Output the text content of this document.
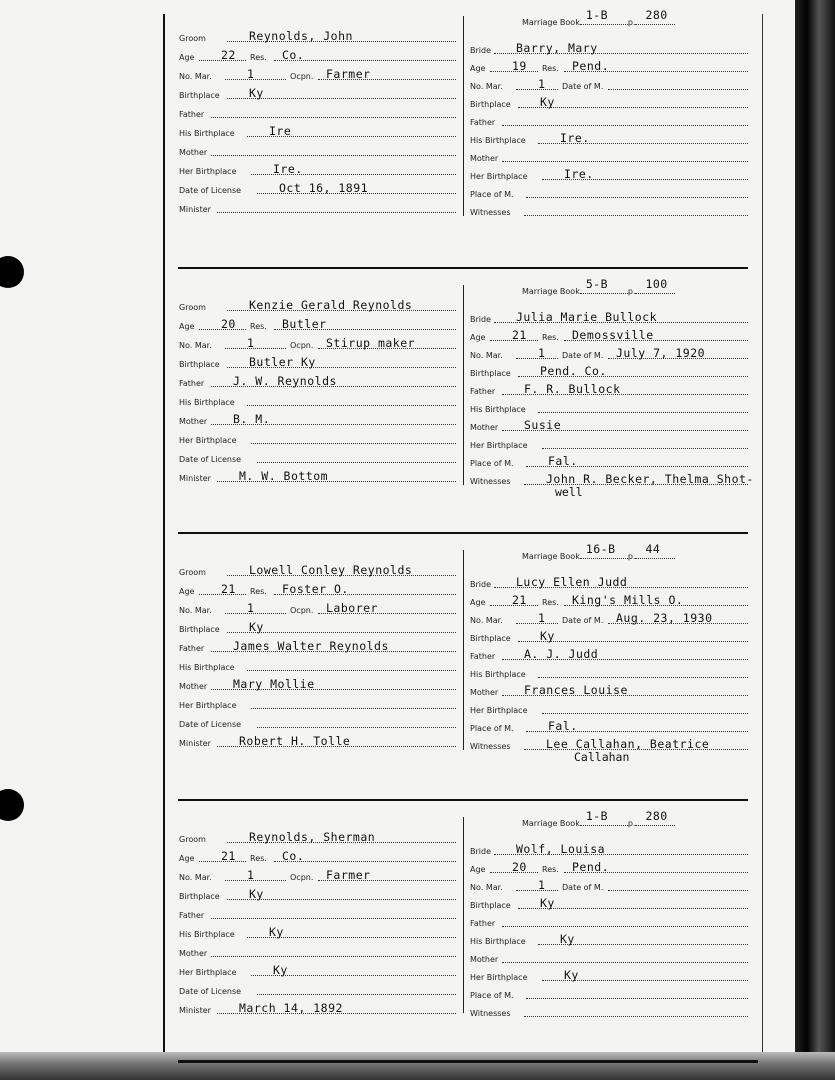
Marriage Book
1-B
p.
280
Groom	Reynolds, John
Age 22 Res. Co.
No. Mar.	1	Ocpn. Farmer
Birthplace	Ky
Father
His Birthplace	Ire
Mother
Her Birthplace	Ire.
Date of License	Oct 16, 1891
Minister
Bride Barry, Mary
Age 19 Res. Pend.
No. Mar.	1 Date of M.
Birthplace	Ky
Father
His Birthplace	Ire.
Mother
Her Birthplace	Ire.
Place of M.
Witnesses
Marriage Book
5-B
p.
100
Groom	Kenzie Gerald Reynolds
Age 20 Res. Butler
No. Mar.	1	Ocpn. Stirup maker
Birthplace	Butler Ky
Father	J. W. Reynolds
His Birthplace
Mother B. M.
Her Birthplace
Date of License
Minister M. W. Bottom
Bride Julia Marie Bullock
Age 21 Res. Demossville
No. Mar.	1 Date of M. July 7, 1920
Birthplace	Pend. Co.
Father	F. R. Bullock
His Birthplace
Mother Susie
Her Birthplace
Place of M.	Fal.
Witnesses	John R. Becker, Thelma Shot-
well
Marriage Book
16-B
p.
44
Groom	Lowell Conley Reynolds
Age 21 Res. Foster O.
No. Mar.	1	Ocpn. Laborer
Birthplace	Ky
Father	James Walter Reynolds
His Birthplace
Mother Mary Mollie
Her Birthplace
Date of License
Minister Robert H. Tolle
Bride Lucy Ellen Judd
Age 21 Res. King's Mills O.
No. Mar.	1 Date of M. Aug. 23, 1930
Birthplace	Ky
Father	A. J. Judd
His Birthplace
Mother Frances Louise
Her Birthplace
Place of M.	Fal.
Witnesses	Lee Callahan, Beatrice
Callahan
Marriage Book
1-B
p.
280
Groom	Reynolds, Sherman
Age 21 Res. Co.
No. Mar.	1	Ocpn. Farmer
Birthplace	Ky
Father
His Birthplace	Ky
Mother
Her Birthplace	Ky
Date of License
Minister March 14, 1892
Bride Wolf, Louisa
Age 20 Res. Pend.
No. Mar.	1 Date of M.
Birthplace	Ky
Father
His Birthplace	Ky
Mother
Her Birthplace	Ky
Place of M.
Witnesses
